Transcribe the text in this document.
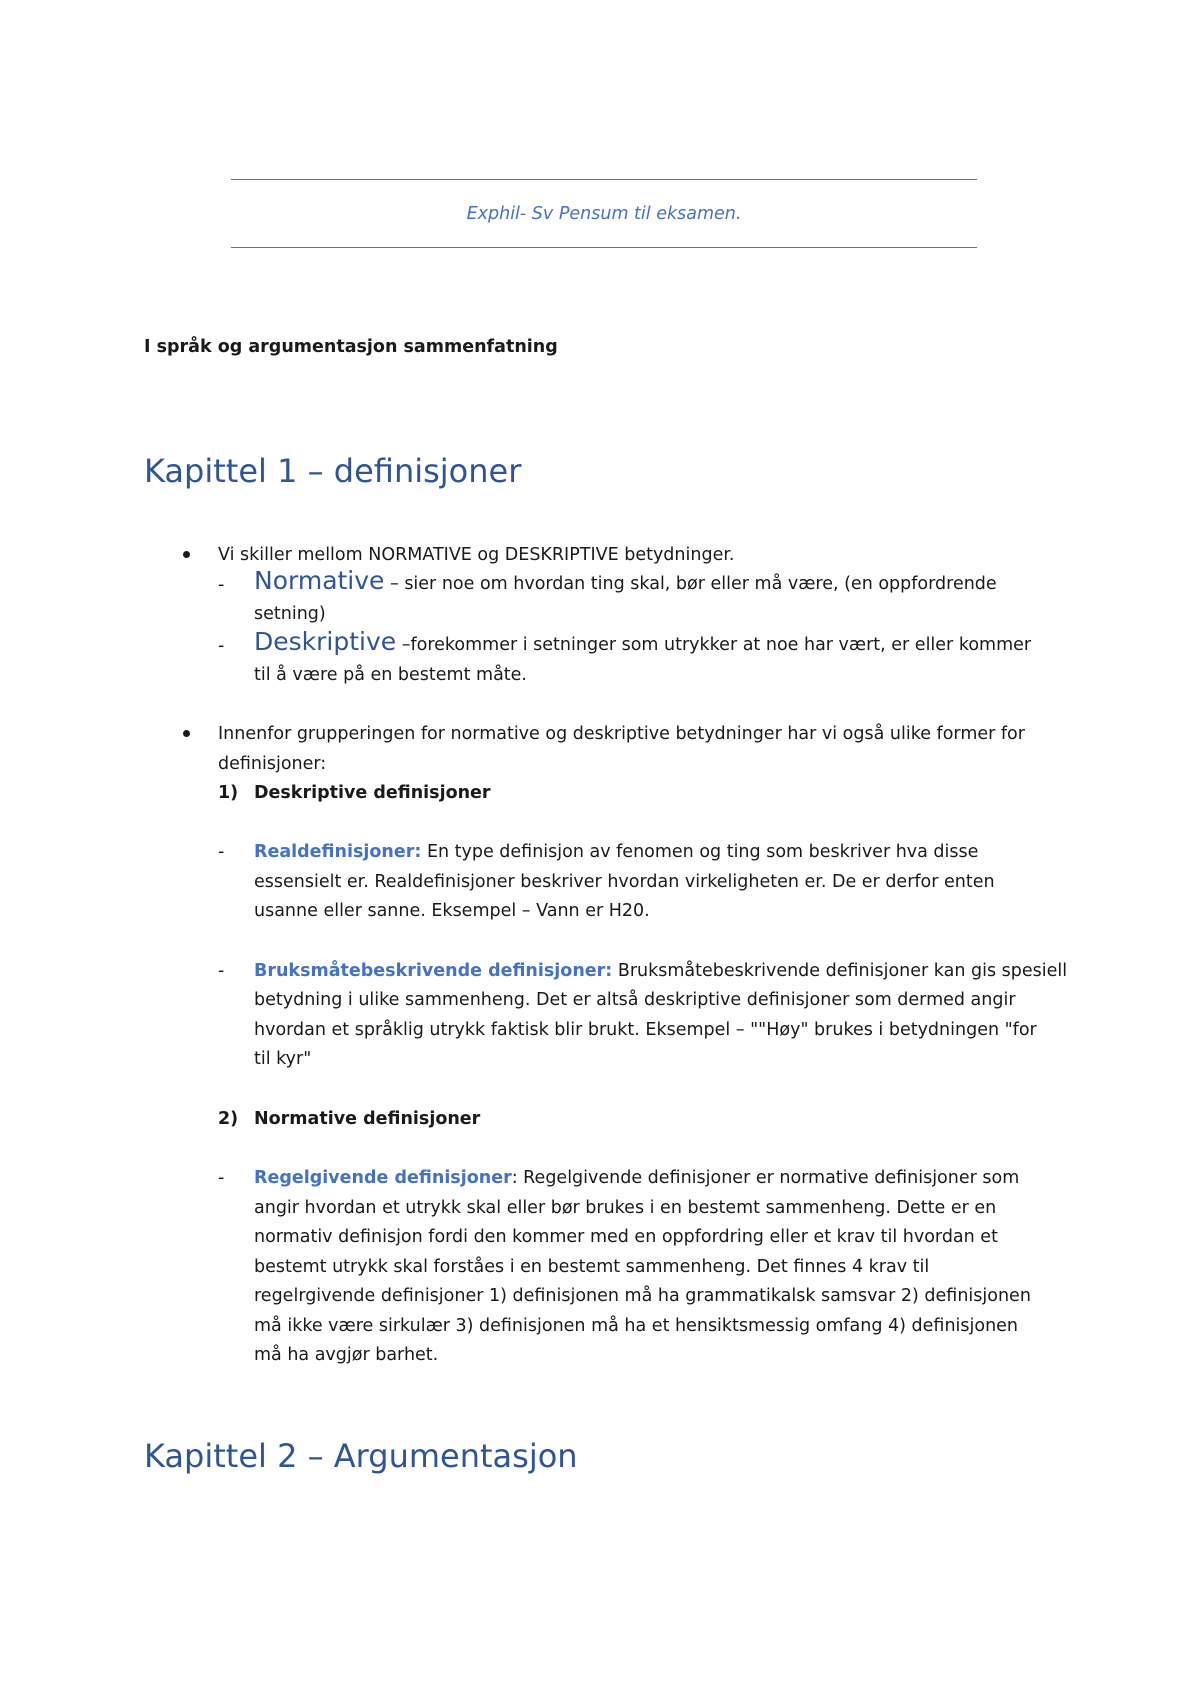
Exphil- Sv Pensum til eksamen.
I språk og argumentasjon sammenfatning
Kapittel 1 – definisjoner
Vi skiller mellom NORMATIVE og DESKRIPTIVE betydninger.
- Normative – sier noe om hvordan ting skal, bør eller må være, (en oppfordrende
setning)
- Deskriptive –forekommer i setninger som utrykker at noe har vært, er eller kommer
til å være på en bestemt måte.
Innenfor grupperingen for normative og deskriptive betydninger har vi også ulike former for
definisjoner:
1) Deskriptive definisjoner
- Realdefinisjoner: En type definisjon av fenomen og ting som beskriver hva disse
essensielt er. Realdefinisjoner beskriver hvordan virkeligheten er. De er derfor enten
usanne eller sanne. Eksempel – Vann er H20.
- Bruksmåtebeskrivende definisjoner: Bruksmåtebeskrivende definisjoner kan gis spesiell
betydning i ulike sammenheng. Det er altså deskriptive definisjoner som dermed angir
hvordan et språklig utrykk faktisk blir brukt. Eksempel – ""Høy" brukes i betydningen "for
til kyr"
2) Normative definisjoner
- Regelgivende definisjoner: Regelgivende definisjoner er normative definisjoner som
angir hvordan et utrykk skal eller bør brukes i en bestemt sammenheng. Dette er en
normativ definisjon fordi den kommer med en oppfordring eller et krav til hvordan et
bestemt utrykk skal forståes i en bestemt sammenheng. Det finnes 4 krav til
regelrgivende definisjoner 1) definisjonen må ha grammatikalsk samsvar 2) definisjonen
må ikke være sirkulær 3) definisjonen må ha et hensiktsmessig omfang 4) definisjonen
må ha avgjør barhet.
Kapittel 2 – Argumentasjon
